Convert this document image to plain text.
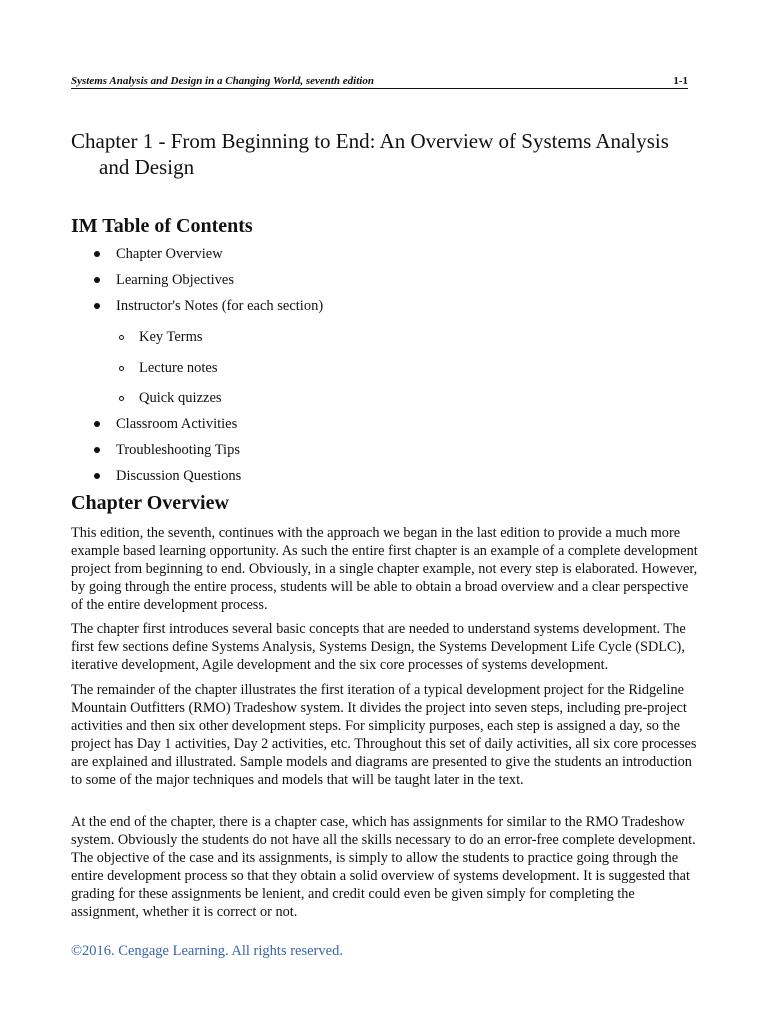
Systems Analysis and Design in a Changing World, seventh edition	1-1
Chapter 1 - From Beginning to End: An Overview of Systems Analysis and Design
IM Table of Contents
Chapter Overview
Learning Objectives
Instructor's Notes (for each section)
Key Terms
Lecture notes
Quick quizzes
Classroom Activities
Troubleshooting Tips
Discussion Questions
Chapter Overview

This edition, the seventh, continues with the approach we began in the last edition to provide a much more example based learning opportunity. As such the entire first chapter is an example of a complete development project from beginning to end. Obviously, in a single chapter example, not every step is elaborated. However, by going through the entire process, students will be able to obtain a broad overview and a clear perspective of the entire development process.

The chapter first introduces several basic concepts that are needed to understand systems development. The first few sections define Systems Analysis, Systems Design, the Systems Development Life Cycle (SDLC), iterative development, Agile development and the six core processes of systems development.

The remainder of the chapter illustrates the first iteration of a typical development project for the Ridgeline Mountain Outfitters (RMO) Tradeshow system. It divides the project into seven steps, including pre-project activities and then six other development steps. For simplicity purposes, each step is assigned a day, so the project has Day 1 activities, Day 2 activities, etc. Throughout this set of daily activities, all six core processes are explained and illustrated. Sample models and diagrams are presented to give the students an introduction to some of the major techniques and models that will be taught later in the text.

At the end of the chapter, there is a chapter case, which has assignments for similar to the RMO Tradeshow system. Obviously the students do not have all the skills necessary to do an error-free complete development. The objective of the case and its assignments, is simply to allow the students to practice going through the entire development process so that they obtain a solid overview of systems development. It is suggested that grading for these assignments be lenient, and credit could even be given simply for completing the assignment, whether it is correct or not.

©2016. Cengage Learning. All rights reserved.
